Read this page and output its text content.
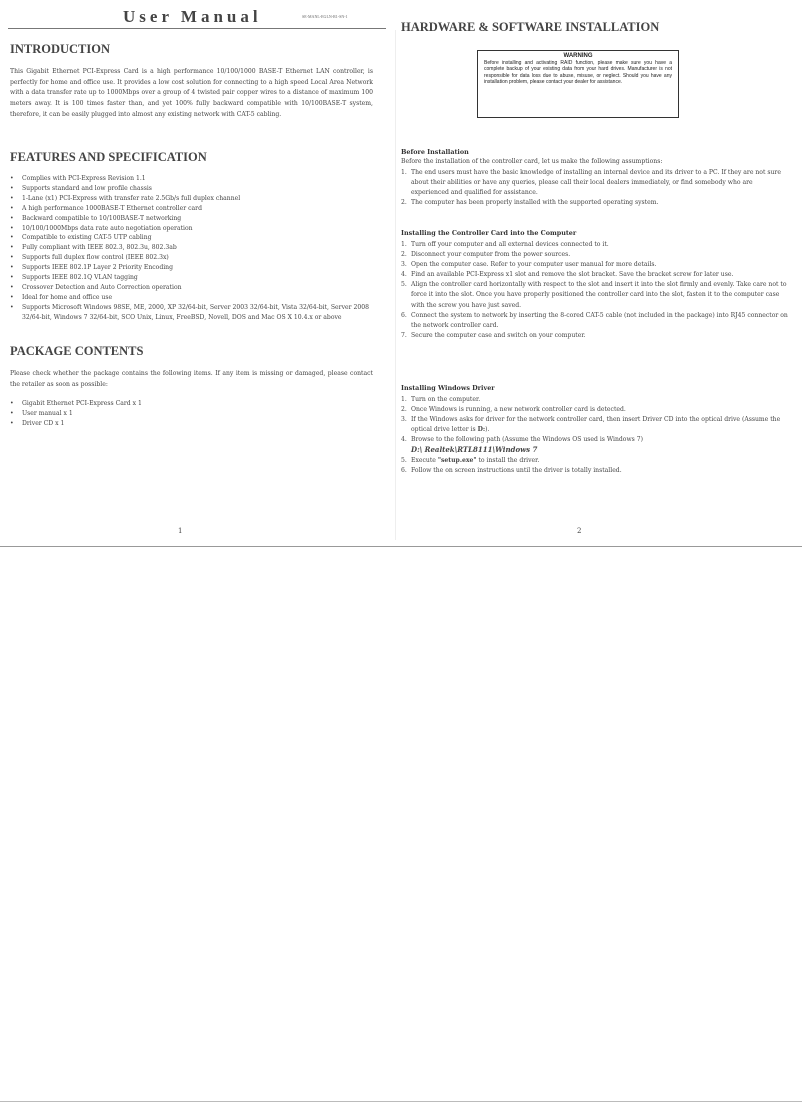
User Manual	SE-MANL-EGLN-R1-SN-1
INTRODUCTION
This Gigabit Ethernet PCI-Express Card is a high performance 10/100/1000 BASE-T Ethernet LAN controller, is perfectly for home and office use. It provides a low cost solution for connecting to a high speed Local Area Network with a data transfer rate up to 1000Mbps over a group of 4 twisted pair copper wires to a distance of maximum 100 meters away. It is 100 times faster than, and yet 100% fully backward compatible with 10/100BASE-T system, therefore, it can be easily plugged into almost any existing network with CAT-5 cabling.
FEATURES AND SPECIFICATION
• Complies with PCI-Express Revision 1.1
• Supports standard and low profile chassis
• 1-Lane (x1) PCI-Express with transfer rate 2.5Gb/s full duplex channel
• A high performance 1000BASE-T Ethernet controller card
• Backward compatible to 10/100BASE-T networking
• 10/100/1000Mbps data rate auto negotiation operation
• Compatible to existing CAT-5 UTP cabling
• Fully compliant with IEEE 802.3, 802.3u, 802.3ab
• Supports full duplex flow control (IEEE 802.3x)
• Supports IEEE 802.1P Layer 2 Priority Encoding
• Supports IEEE 802.1Q VLAN tagging
• Crossover Detection and Auto Correction operation
• Ideal for home and office use
• Supports Microsoft Windows 98SE, ME, 2000, XP 32/64-bit, Server 2003 32/64-bit, Vista 32/64-bit, Server 2008 32/64-bit, Windows 7 32/64-bit, SCO Unix, Linux, FreeBSD, Novell, DOS and Mac OS X 10.4.x or above
PACKAGE CONTENTS
Please check whether the package contains the following items. If any item is missing or damaged, please contact the retailer as soon as possible:
• Gigabit Ethernet PCI-Express Card x 1
• User manual x 1
• Driver CD x 1
1
HARDWARE & SOFTWARE INSTALLATION
WARNING
Before installing and activating RAID function, please make sure you have a complete backup of your existing data from your hard drives. Manufacturer is not responsible for data loss due to abuse, misuse, or neglect. Should you have any installation problem, please contact your dealer for assistance.
Before Installation
Before the installation of the controller card, let us make the following assumptions:
1. The end users must have the basic knowledge of installing an internal device and its driver to a PC. If they are not sure about their abilities or have any queries, please call their local dealers immediately, or find somebody who are experienced and qualified for assistance.
2. The computer has been properly installed with the supported operating system.
Installing the Controller Card into the Computer
1. Turn off your computer and all external devices connected to it.
2. Disconnect your computer from the power sources.
3. Open the computer case. Refer to your computer user manual for more details.
4. Find an available PCI-Express x1 slot and remove the slot bracket. Save the bracket screw for later use.
5. Align the controller card horizontally with respect to the slot and insert it into the slot firmly and evenly. Take care not to force it into the slot. Once you have properly positioned the controller card into the slot, fasten it to the computer case with the screw you have just saved.
6. Connect the system to network by inserting the 8-cored CAT-5 cable (not included in the package) into RJ45 connector on the network controller card.
7. Secure the computer case and switch on your computer.
Installing Windows Driver
1. Turn on the computer.
2. Once Windows is running, a new network controller card is detected.
3. If the Windows asks for driver for the network controller card, then insert Driver CD into the optical drive (Assume the optical drive letter is D:).
4. Browse to the following path (Assume the Windows OS used is Windows 7)
D:\ Realtek\RTL8111\Windows 7
5. Execute "setup.exe" to install the driver.
6. Follow the on screen instructions until the driver is totally installed.
2
